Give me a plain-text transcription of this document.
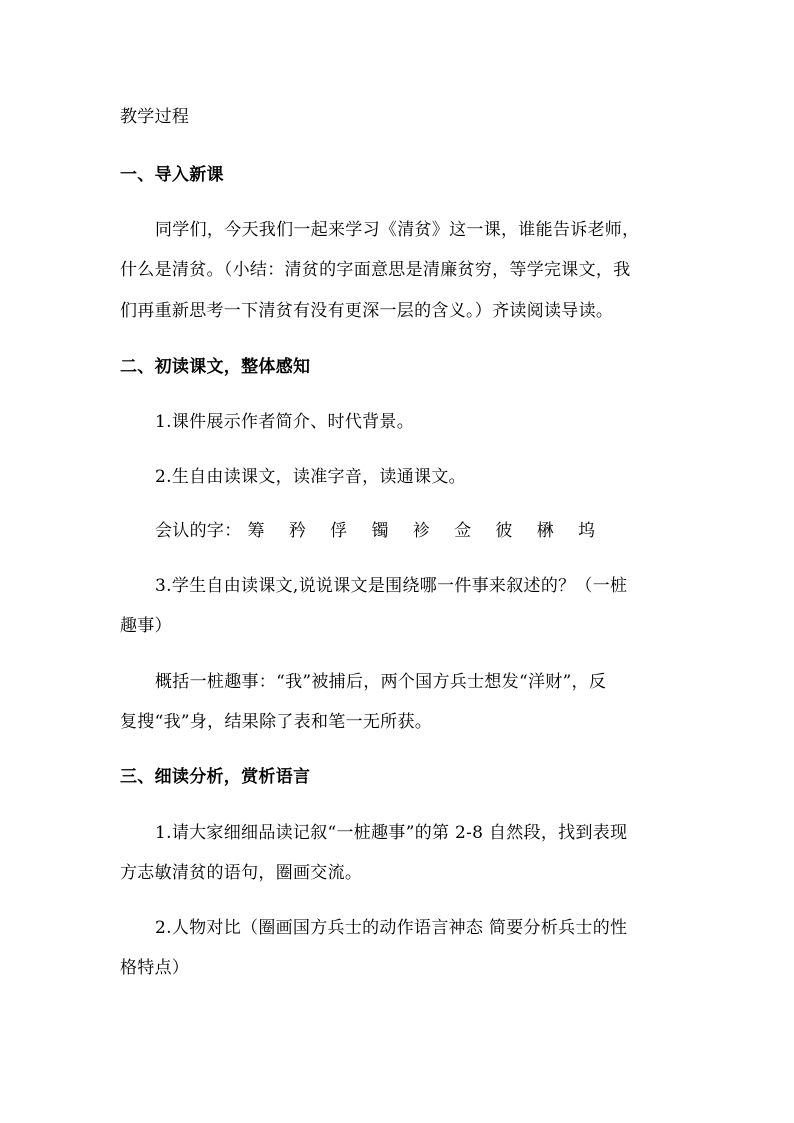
教学过程
一、导入新课
同学们，今天我们一起来学习《清贫》这一课，谁能告诉老师，
什么是清贫。（小结：清贫的字面意思是清廉贫穷，等学完课文，我
们再重新思考一下清贫有没有更深一层的含义。）齐读阅读导读。
二、初读课文，整体感知
1.课件展示作者简介、时代背景。
2.生自由读课文，读准字音，读通课文。
会认的字： 筹 矜 俘 镯 袗 佥 彼 楙 坞
3.学生自由读课文,说说课文是围绕哪一件事来叙述的？（一桩
趣事）
概括一桩趣事：“我”被捕后，两个国方兵士想发“洋财”，反
复搜“我”身，结果除了表和笔一无所获。
三、细读分析，赏析语言
1.请大家细细品读记叙“一桩趣事”的第 2-8 自然段，找到表现
方志敏清贫的语句，圈画交流。
2.人物对比（圈画国方兵士的动作语言神态 简要分析兵士的性
格特点）
